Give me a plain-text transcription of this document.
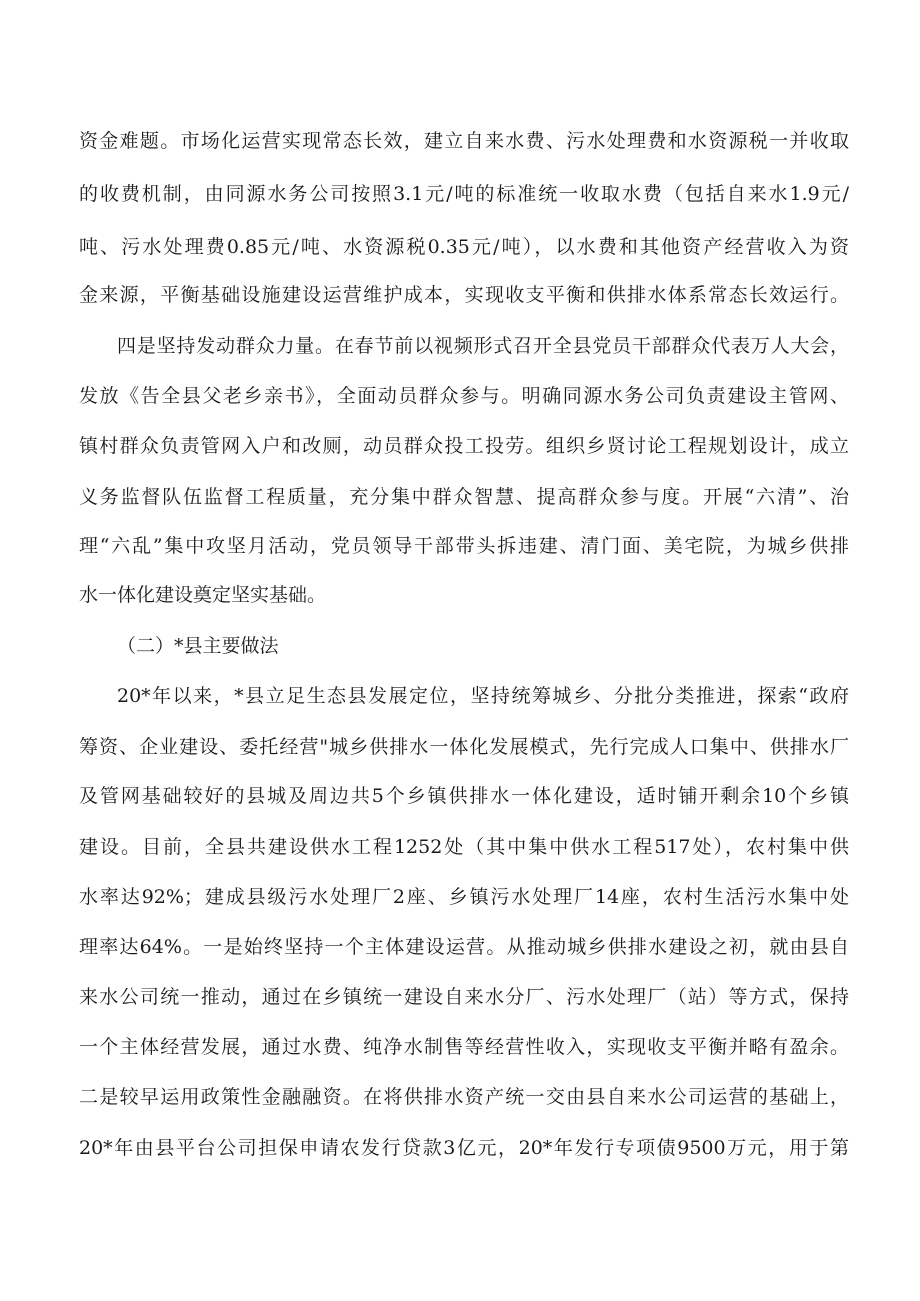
资金难题。市场化运营实现常态长效，建立自来水费、污水处理费和水资源税一并收取
的收费机制，由同源水务公司按照3.1元/吨的标准统一收取水费（包括自来水1.9元/
吨、污水处理费0.85元/吨、水资源税0.35元/吨），以水费和其他资产经营收入为资
金来源，平衡基础设施建设运营维护成本，实现收支平衡和供排水体系常态长效运行。
四是坚持发动群众力量。在春节前以视频形式召开全县党员干部群众代表万人大会，
发放《告全县父老乡亲书》，全面动员群众参与。明确同源水务公司负责建设主管网、
镇村群众负责管网入户和改厕，动员群众投工投劳。组织乡贤讨论工程规划设计，成立
义务监督队伍监督工程质量，充分集中群众智慧、提高群众参与度。开展“六清”、治
理“六乱”集中攻坚月活动，党员领导干部带头拆违建、清门面、美宅院，为城乡供排
水一体化建设奠定坚实基础。
（二）*县主要做法
20*年以来，*县立足生态县发展定位，坚持统筹城乡、分批分类推进，探索“政府
筹资、企业建设、委托经营"城乡供排水一体化发展模式，先行完成人口集中、供排水厂
及管网基础较好的县城及周边共5个乡镇供排水一体化建设，适时铺开剩余10个乡镇
建设。目前，全县共建设供水工程1252处（其中集中供水工程517处），农村集中供
水率达92%；建成县级污水处理厂2座、乡镇污水处理厂14座，农村生活污水集中处
理率达64%。一是始终坚持一个主体建设运营。从推动城乡供排水建设之初，就由县自
来水公司统一推动，通过在乡镇统一建设自来水分厂、污水处理厂（站）等方式，保持
一个主体经营发展，通过水费、纯净水制售等经营性收入，实现收支平衡并略有盈余。
二是较早运用政策性金融融资。在将供排水资产统一交由县自来水公司运营的基础上，
20*年由县平台公司担保申请农发行贷款3亿元，20*年发行专项债9500万元，用于第
